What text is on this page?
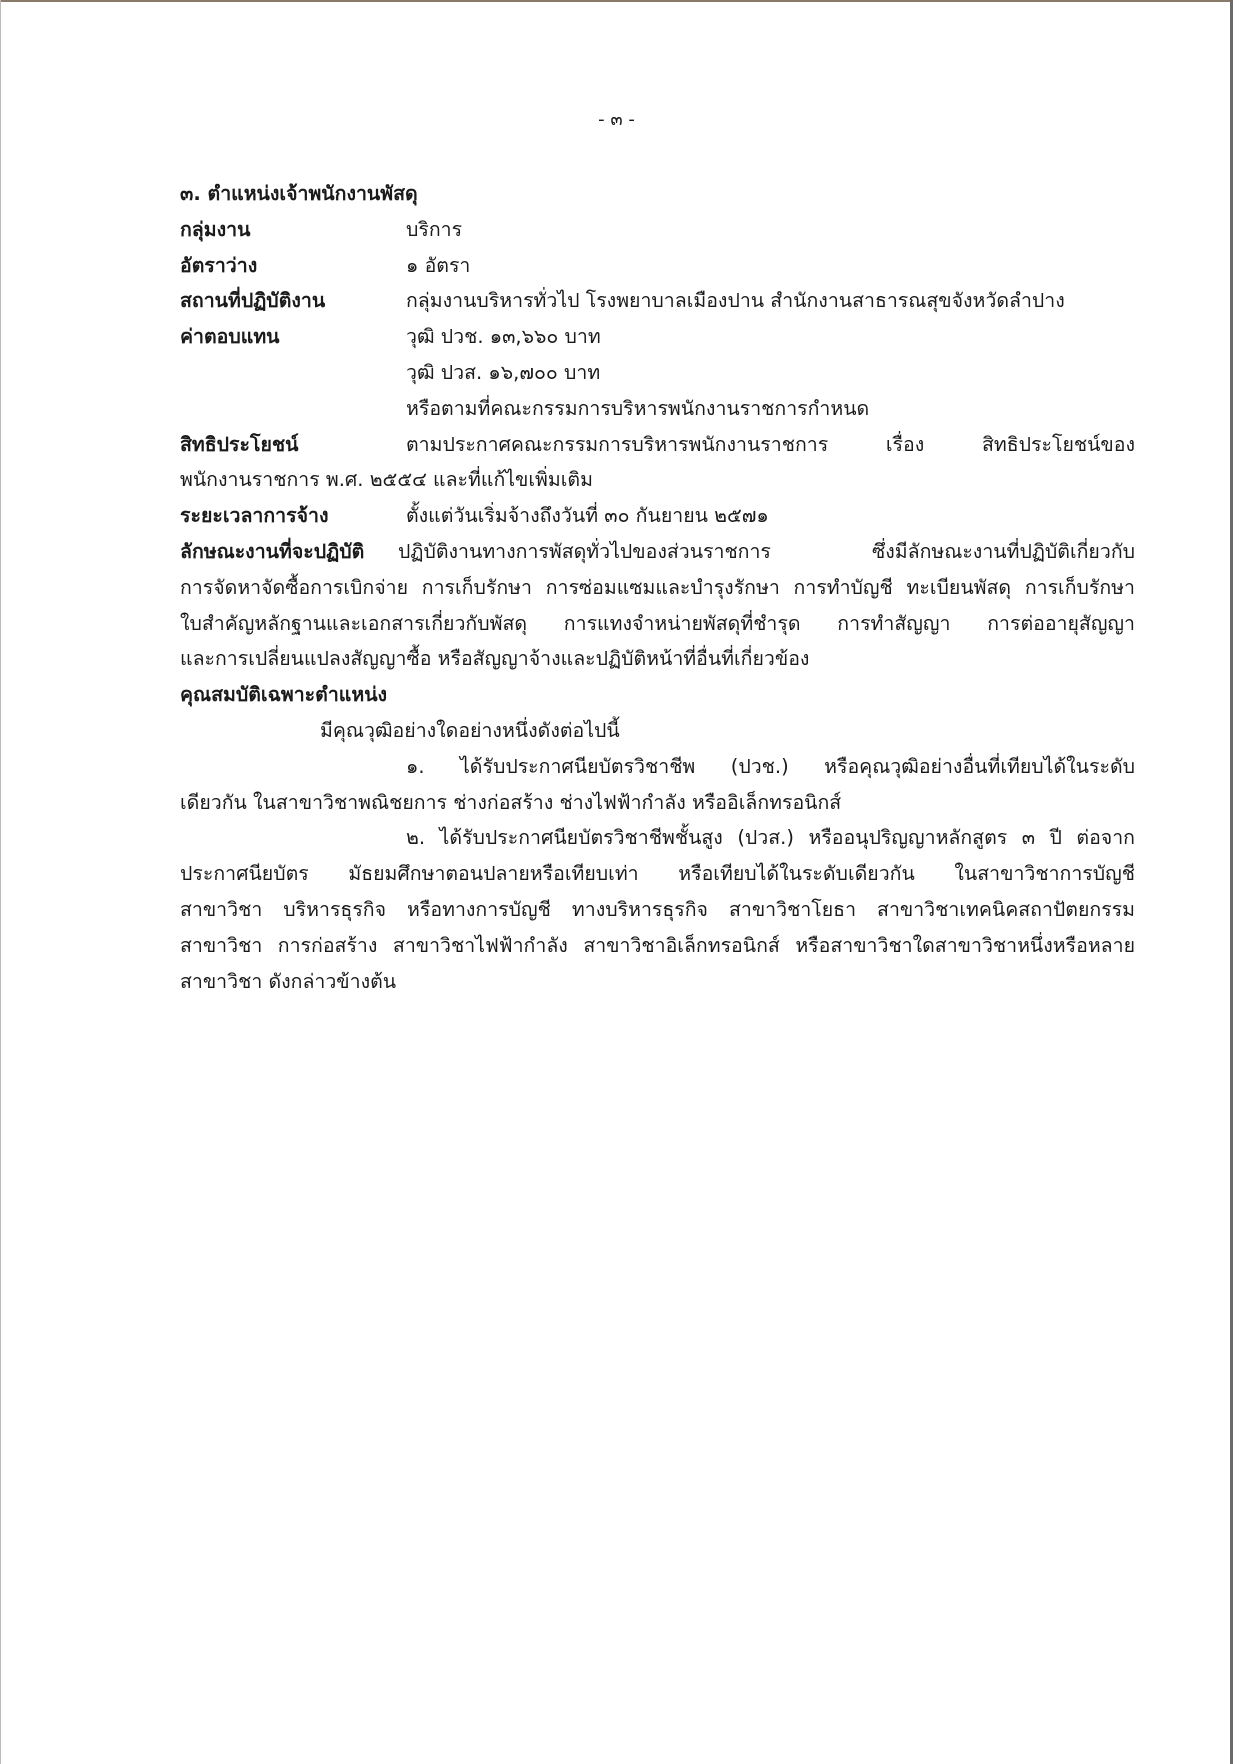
- ๓ -
๓. ตำแหน่งเจ้าพนักงานพัสดุ
กลุ่มงาน	บริการ
อัตราว่าง	๑ อัตรา
สถานที่ปฏิบัติงาน	กลุ่มงานบริหารทั่วไป โรงพยาบาลเมืองปาน สำนักงานสาธารณสุขจังหวัดลำปาง
ค่าตอบแทน	วุฒิ ปวช. ๑๓,๖๖๐ บาท
วุฒิ ปวส. ๑๖,๗๐๐ บาท
หรือตามที่คณะกรรมการบริหารพนักงานราชการกำหนด
สิทธิประโยชน์	ตามประกาศคณะกรรมการบริหารพนักงานราชการ เรื่อง สิทธิประโยชน์ของ
พนักงานราชการ พ.ศ. ๒๕๕๔ และที่แก้ไขเพิ่มเติม
ระยะเวลาการจ้าง	ตั้งแต่วันเริ่มจ้างถึงวันที่ ๓๐ กันยายน ๒๕๗๑
ลักษณะงานที่จะปฏิบัติ	ปฏิบัติงานทางการพัสดุทั่วไปของส่วนราชการ ซึ่งมีลักษณะงานที่ปฏิบัติเกี่ยวกับ
การจัดหาจัดซื้อการเบิกจ่าย การเก็บรักษา การซ่อมแซมและบำรุงรักษา การทำบัญชี ทะเบียนพัสดุ การเก็บรักษา
ใบสำคัญหลักฐานและเอกสารเกี่ยวกับพัสดุ การแทงจำหน่ายพัสดุที่ชำรุด การทำสัญญา การต่ออายุสัญญา
และการเปลี่ยนแปลงสัญญาซื้อ หรือสัญญาจ้างและปฏิบัติหน้าที่อื่นที่เกี่ยวข้อง
คุณสมบัติเฉพาะตำแหน่ง
มีคุณวุฒิอย่างใดอย่างหนึ่งดังต่อไปนี้
๑. ได้รับประกาศนียบัตรวิชาชีพ (ปวช.) หรือคุณวุฒิอย่างอื่นที่เทียบได้ในระดับ
เดียวกัน ในสาขาวิชาพณิชยการ ช่างก่อสร้าง ช่างไฟฟ้ากำลัง หรืออิเล็กทรอนิกส์
๒. ได้รับประกาศนียบัตรวิชาชีพชั้นสูง (ปวส.) หรืออนุปริญญาหลักสูตร ๓ ปี ต่อจาก
ประกาศนียบัตร มัธยมศึกษาตอนปลายหรือเทียบเท่า หรือเทียบได้ในระดับเดียวกัน ในสาขาวิชาการบัญชี
สาขาวิชา บริหารธุรกิจ หรือทางการบัญชี ทางบริหารธุรกิจ สาขาวิชาโยธา สาขาวิชาเทคนิคสถาปัตยกรรม
สาขาวิชา การก่อสร้าง สาขาวิชาไฟฟ้ากำลัง สาขาวิชาอิเล็กทรอนิกส์ หรือสาขาวิชาใดสาขาวิชาหนึ่งหรือหลาย
สาขาวิชา ดังกล่าวข้างต้น
